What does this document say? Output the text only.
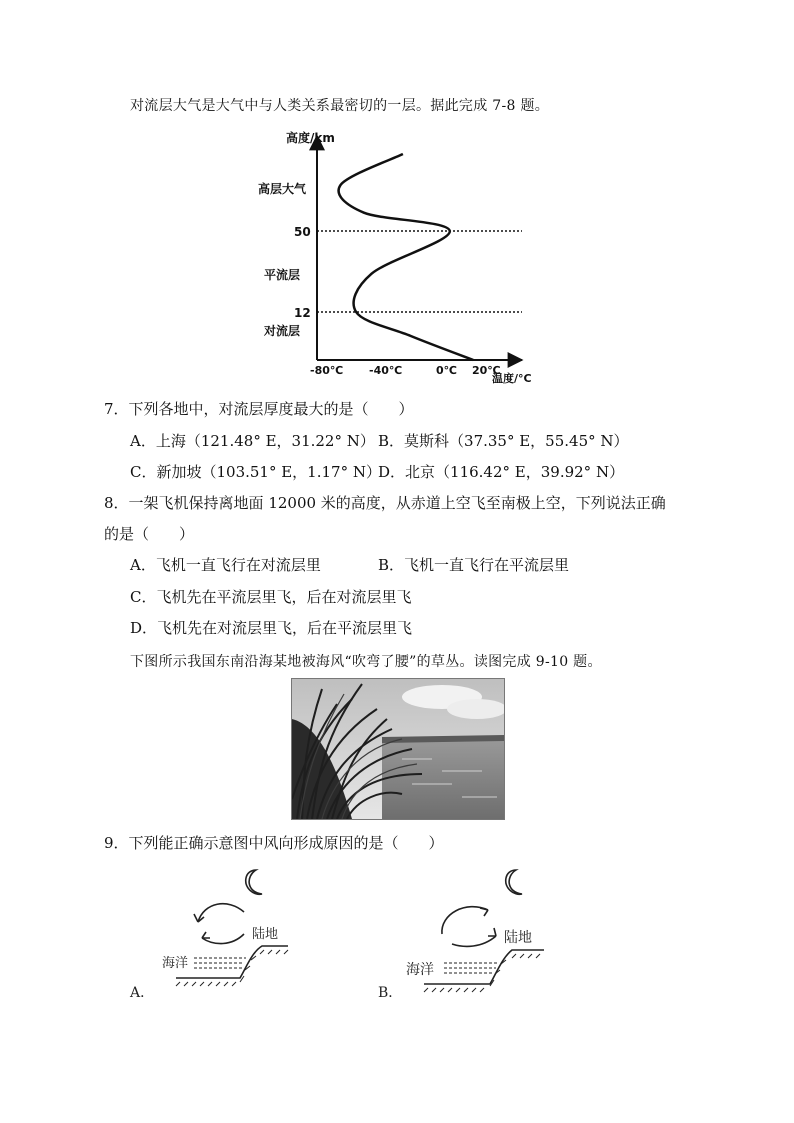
对流层大气是大气中与人类关系最密切的一层。据此完成 7-8 题。
高度/km
高层大气
平流层
对流层
50
12
-80℃ -40℃	0℃ 20℃
温度/°C
7．下列各地中，对流层厚度最大的是（　　）
A．上海（121.48° E，31.22° N） B．莫斯科（37.35° E，55.45° N）
C．新加坡（103.51° E，1.17° N）
D．北京（116.42° E，39.92° N）
8．一架飞机保持离地面 12000 米的高度，从赤道上空飞至南极上空，下列说法正确
的是（　　）
A．飞机一直飞行在对流层里	B．飞机一直飞行在平流层里
C．飞机先在平流层里飞，后在对流层里飞
D．飞机先在对流层里飞，后在平流层里飞
下图所示我国东南沿海某地被海风“吹弯了腰”的草丛。读图完成 9-10 题。
9．下列能正确示意图中风向形成原因的是（　　）
陆地
海洋
A．
陆地
海洋
B．
